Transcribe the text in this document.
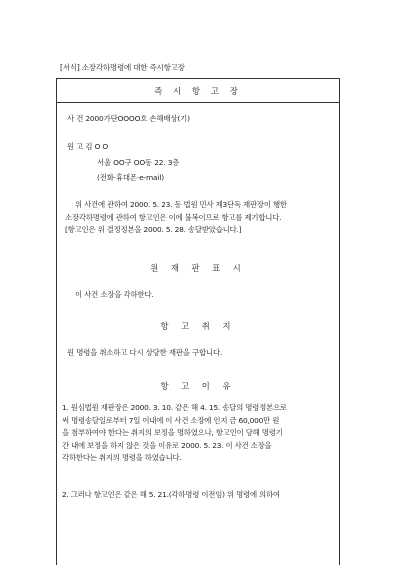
[서식] 소장각하명령에 대한 즉시항고장
즉 시 항 고 장
사 건 2000가단OOOO호 손해배상(기)
원 고 김 O O
서울 OO구 OO동 22. 3층
(전화·휴대폰·e-mail)
위 사건에 관하여 2000. 5. 23. 동 법원 민사 제3단독 재판장이 행한
소장각하명령에 관하여 항고인은 이에 불복이므로 항고를 제기합니다.
[항고인은 위 결정정본을 2000. 5. 28. 송달받았습니다.]
원 재 판 표 시
이 사건 소장을 각하한다.
항 고 취 지
원 명령을 취소하고 다시 상당한 재판을 구합니다.
항 고 이 유
1. 원심법원 재판장은 2000. 3. 10. 같은 해 4. 15. 송달의 명령정본으로
써 명령송달일로부터 7일 이내에 이 사건 소장에 인지 금 60,000만 원
을 첨부하여야 한다는 취지의 보정을 명하였으나, 항고인이 당해 명령기
간 내에 보정을 하지 않은 것을 이유로 2000. 5. 23. 이 사건 소장을
각하한다는 취지의 명령을 하였습니다.
2. 그러나 항고인은 같은 해 5. 21.(각하명령 이전임) 위 명령에 의하여
